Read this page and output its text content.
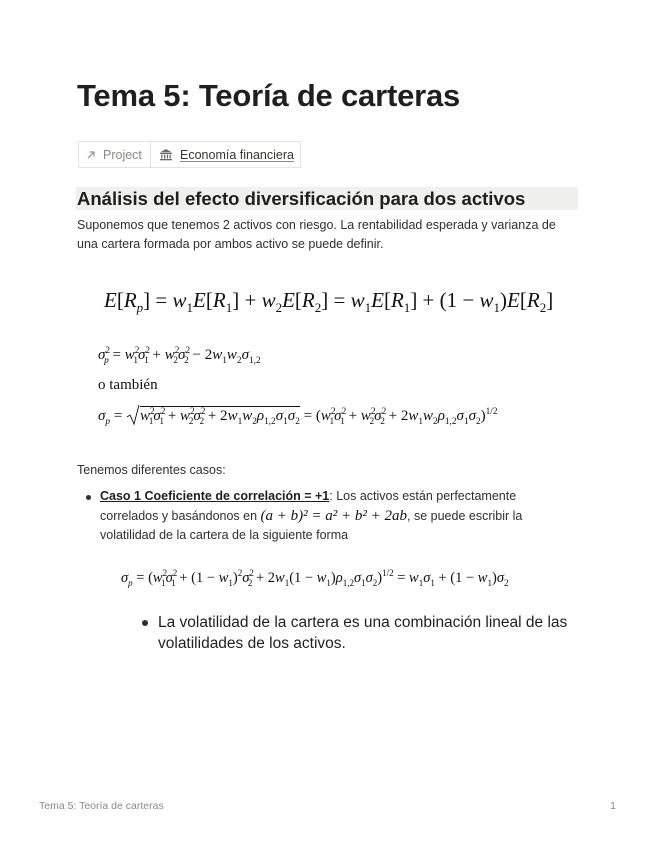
Tema 5: Teoría de carteras
Project	Economía financiera
Análisis del efecto diversificación para dos activos
Suponemos que tenemos 2 activos con riesgo. La rentabilidad esperada y varianza de una cartera formada por ambos activo se puede definir.
$E[R_p] = w_1E[R_1] + w_2E[R_2] = w_1E[R_1] + (1 - w_1)E[R_2]$
$\sigma^2_p = w^2_1\sigma^2_1 + w^2_2\sigma^2_2 - 2w_1w_2\sigma_{1,2}$
o también
$\sigma_p = w^2_1\sigma^2_1 + w^2_2\sigma^2_2 + 2w_1w_2\rho_{1,2}\sigma_1\sigma_2 = (w^2_1\sigma^2_1 + w^2_2\sigma^2_2 + 2w_1w_2\rho_{1,2}\sigma_1\sigma_2)^{1/2}$
Tenemos diferentes casos:
Caso 1 Coeficiente de correlación = +1: Los activos están perfectamente correlados y basándonos en (a + b)² = a² + b² + 2ab, se puede escribir la volatilidad de la cartera de la siguiente forma
$\sigma_p = (w^2_1\sigma^2_1 + (1 - w_1)^2\sigma^2_2 + 2w_1(1 - w_1)\rho_{1,2}\sigma_1\sigma_2)^{1/2} = w_1\sigma_1 + (1 - w_1)\sigma_2$
La volatilidad de la cartera es una combinación lineal de las volatilidades de los activos.
Tema 5: Teoría de carteras	1
